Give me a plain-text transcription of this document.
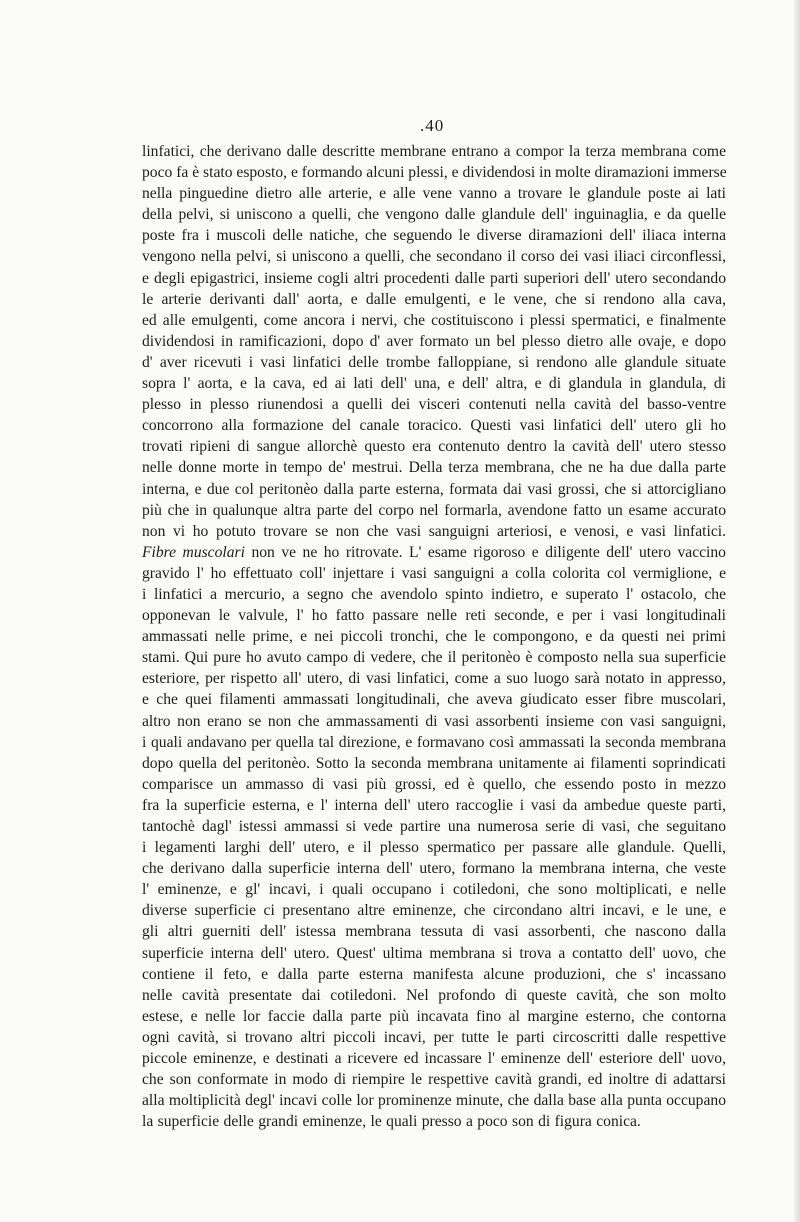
.40
linfatici, che derivano dalle descritte membrane entrano a compor la terza membrana come
poco fa è stato esposto, e formando alcuni plessi, e dividendosi in molte diramazioni immerse
nella pinguedine dietro alle arterie, e alle vene vanno a trovare le glandule poste ai lati
della pelvi, si uniscono a quelli, che vengono dalle glandule dell' inguinaglia, e da quelle
poste fra i muscoli delle natiche, che seguendo le diverse diramazioni dell' iliaca interna
vengono nella pelvi, si uniscono a quelli, che secondano il corso dei vasi iliaci circonflessi,
e degli epigastrici, insieme cogli altri procedenti dalle parti superiori dell' utero secondando
le arterie derivanti dall' aorta, e dalle emulgenti, e le vene, che si rendono alla cava,
ed alle emulgenti, come ancora i nervi, che costituiscono i plessi spermatici, e finalmente
dividendosi in ramificazioni, dopo d' aver formato un bel plesso dietro alle ovaje, e dopo
d' aver ricevuti i vasi linfatici delle trombe falloppiane, si rendono alle glandule situate
sopra l' aorta, e la cava, ed ai lati dell' una, e dell' altra, e di glandula in glandula, di
plesso in plesso riunendosi a quelli dei visceri contenuti nella cavità del basso-ventre
concorrono alla formazione del canale toracico. Questi vasi linfatici dell' utero gli ho
trovati ripieni di sangue allorchè questo era contenuto dentro la cavità dell' utero stesso
nelle donne morte in tempo de' mestrui. Della terza membrana, che ne ha due dalla parte
interna, e due col peritonèo dalla parte esterna, formata dai vasi grossi, che si attorcigliano
più che in qualunque altra parte del corpo nel formarla, avendone fatto un esame accurato
non vi ho potuto trovare se non che vasi sanguigni arteriosi, e venosi, e vasi linfatici.
Fibre muscolari non ve ne ho ritrovate. L' esame rigoroso e diligente dell' utero vaccino
gravido l' ho effettuato coll' injettare i vasi sanguigni a colla colorita col vermiglione, e
i linfatici a mercurio, a segno che avendolo spinto indietro, e superato l' ostacolo, che
opponevan le valvule, l' ho fatto passare nelle reti seconde, e per i vasi longitudinali
ammassati nelle prime, e nei piccoli tronchi, che le compongono, e da questi nei primi
stami. Qui pure ho avuto campo di vedere, che il peritonèo è composto nella sua superficie
esteriore, per rispetto all' utero, di vasi linfatici, come a suo luogo sarà notato in appresso,
e che quei filamenti ammassati longitudinali, che aveva giudicato esser fibre muscolari,
altro non erano se non che ammassamenti di vasi assorbenti insieme con vasi sanguigni,
i quali andavano per quella tal direzione, e formavano così ammassati la seconda membrana
dopo quella del peritonèo. Sotto la seconda membrana unitamente ai filamenti soprindicati
comparisce un ammasso di vasi più grossi, ed è quello, che essendo posto in mezzo
fra la superficie esterna, e l' interna dell' utero raccoglie i vasi da ambedue queste parti,
tantochè dagl' istessi ammassi si vede partire una numerosa serie di vasi, che seguitano
i legamenti larghi dell' utero, e il plesso spermatico per passare alle glandule. Quelli,
che derivano dalla superficie interna dell' utero, formano la membrana interna, che veste
l' eminenze, e gl' incavi, i quali occupano i cotiledoni, che sono moltiplicati, e nelle
diverse superficie ci presentano altre eminenze, che circondano altri incavi, e le une, e
gli altri guerniti dell' istessa membrana tessuta di vasi assorbenti, che nascono dalla
superficie interna dell' utero. Quest' ultima membrana si trova a contatto dell' uovo, che
contiene il feto, e dalla parte esterna manifesta alcune produzioni, che s' incassano
nelle cavità presentate dai cotiledoni. Nel profondo di queste cavità, che son molto
estese, e nelle lor faccie dalla parte più incavata fino al margine esterno, che contorna
ogni cavità, si trovano altri piccoli incavi, per tutte le parti circoscritti dalle respettive
piccole eminenze, e destinati a ricevere ed incassare l' eminenze dell' esteriore dell' uovo,
che son conformate in modo di riempire le respettive cavità grandi, ed inoltre di adattarsi
alla moltiplicità degl' incavi colle lor prominenze minute, che dalla base alla punta occupano
la superficie delle grandi eminenze, le quali presso a poco son di figura conica.
